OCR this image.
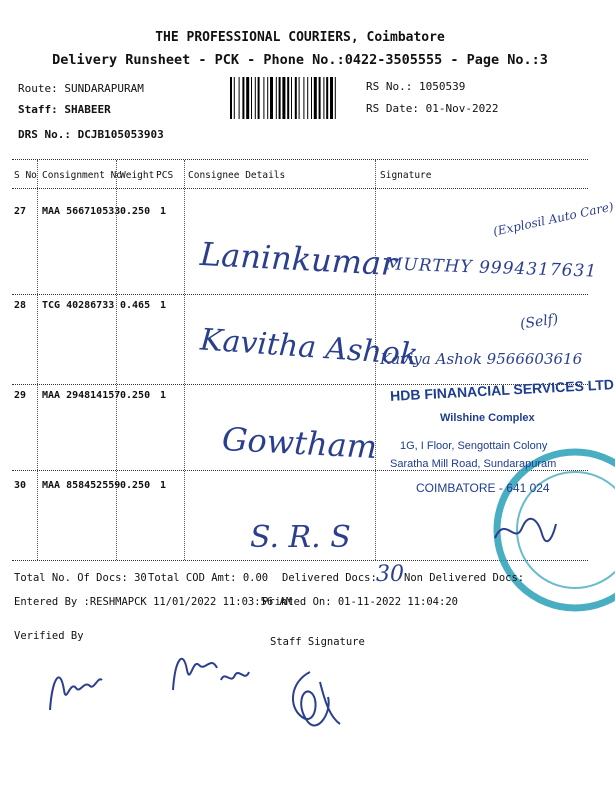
THE PROFESSIONAL COURIERS, Coimbatore
Delivery Runsheet - PCK - Phone No.:0422-3505555 - Page No.:3
Route: SUNDARAPURAM
Staff: SHABEER
DRS No.: DCJB105053903
RS No.: 1050539
RS Date: 01-Nov-2022
S No Consignment No
Weight PCS Consignee Details	Signature
27 MAA 566710533 0.250 1
Laninkumar
MURTHY 9994317631
(Explosil Auto Care)
28 TCG 40286733 0.465 1
Kavitha Ashok
Kaviya Ashok 9566603616
(Self)
29 MAA 294814157 0.250 1
Gowtham
30 MAA 858452559 0.250 1
S. R. S
HDB FINANACIAL SERVICES LTD
Wilshine Complex
1G, I Floor, Sengottain Colony
Saratha Mill Road, Sundarapuram
COIMBATORE - 641 024
Total No. Of Docs: 30 Total COD Amt: 0.00 Delivered Docs: 30 Non Delivered Docs:
Entered By :RESHMAPCK 11/01/2022 11:03:56 AM
Printed On: 01-11-2022 11:04:20
Verified By	Staff Signature
